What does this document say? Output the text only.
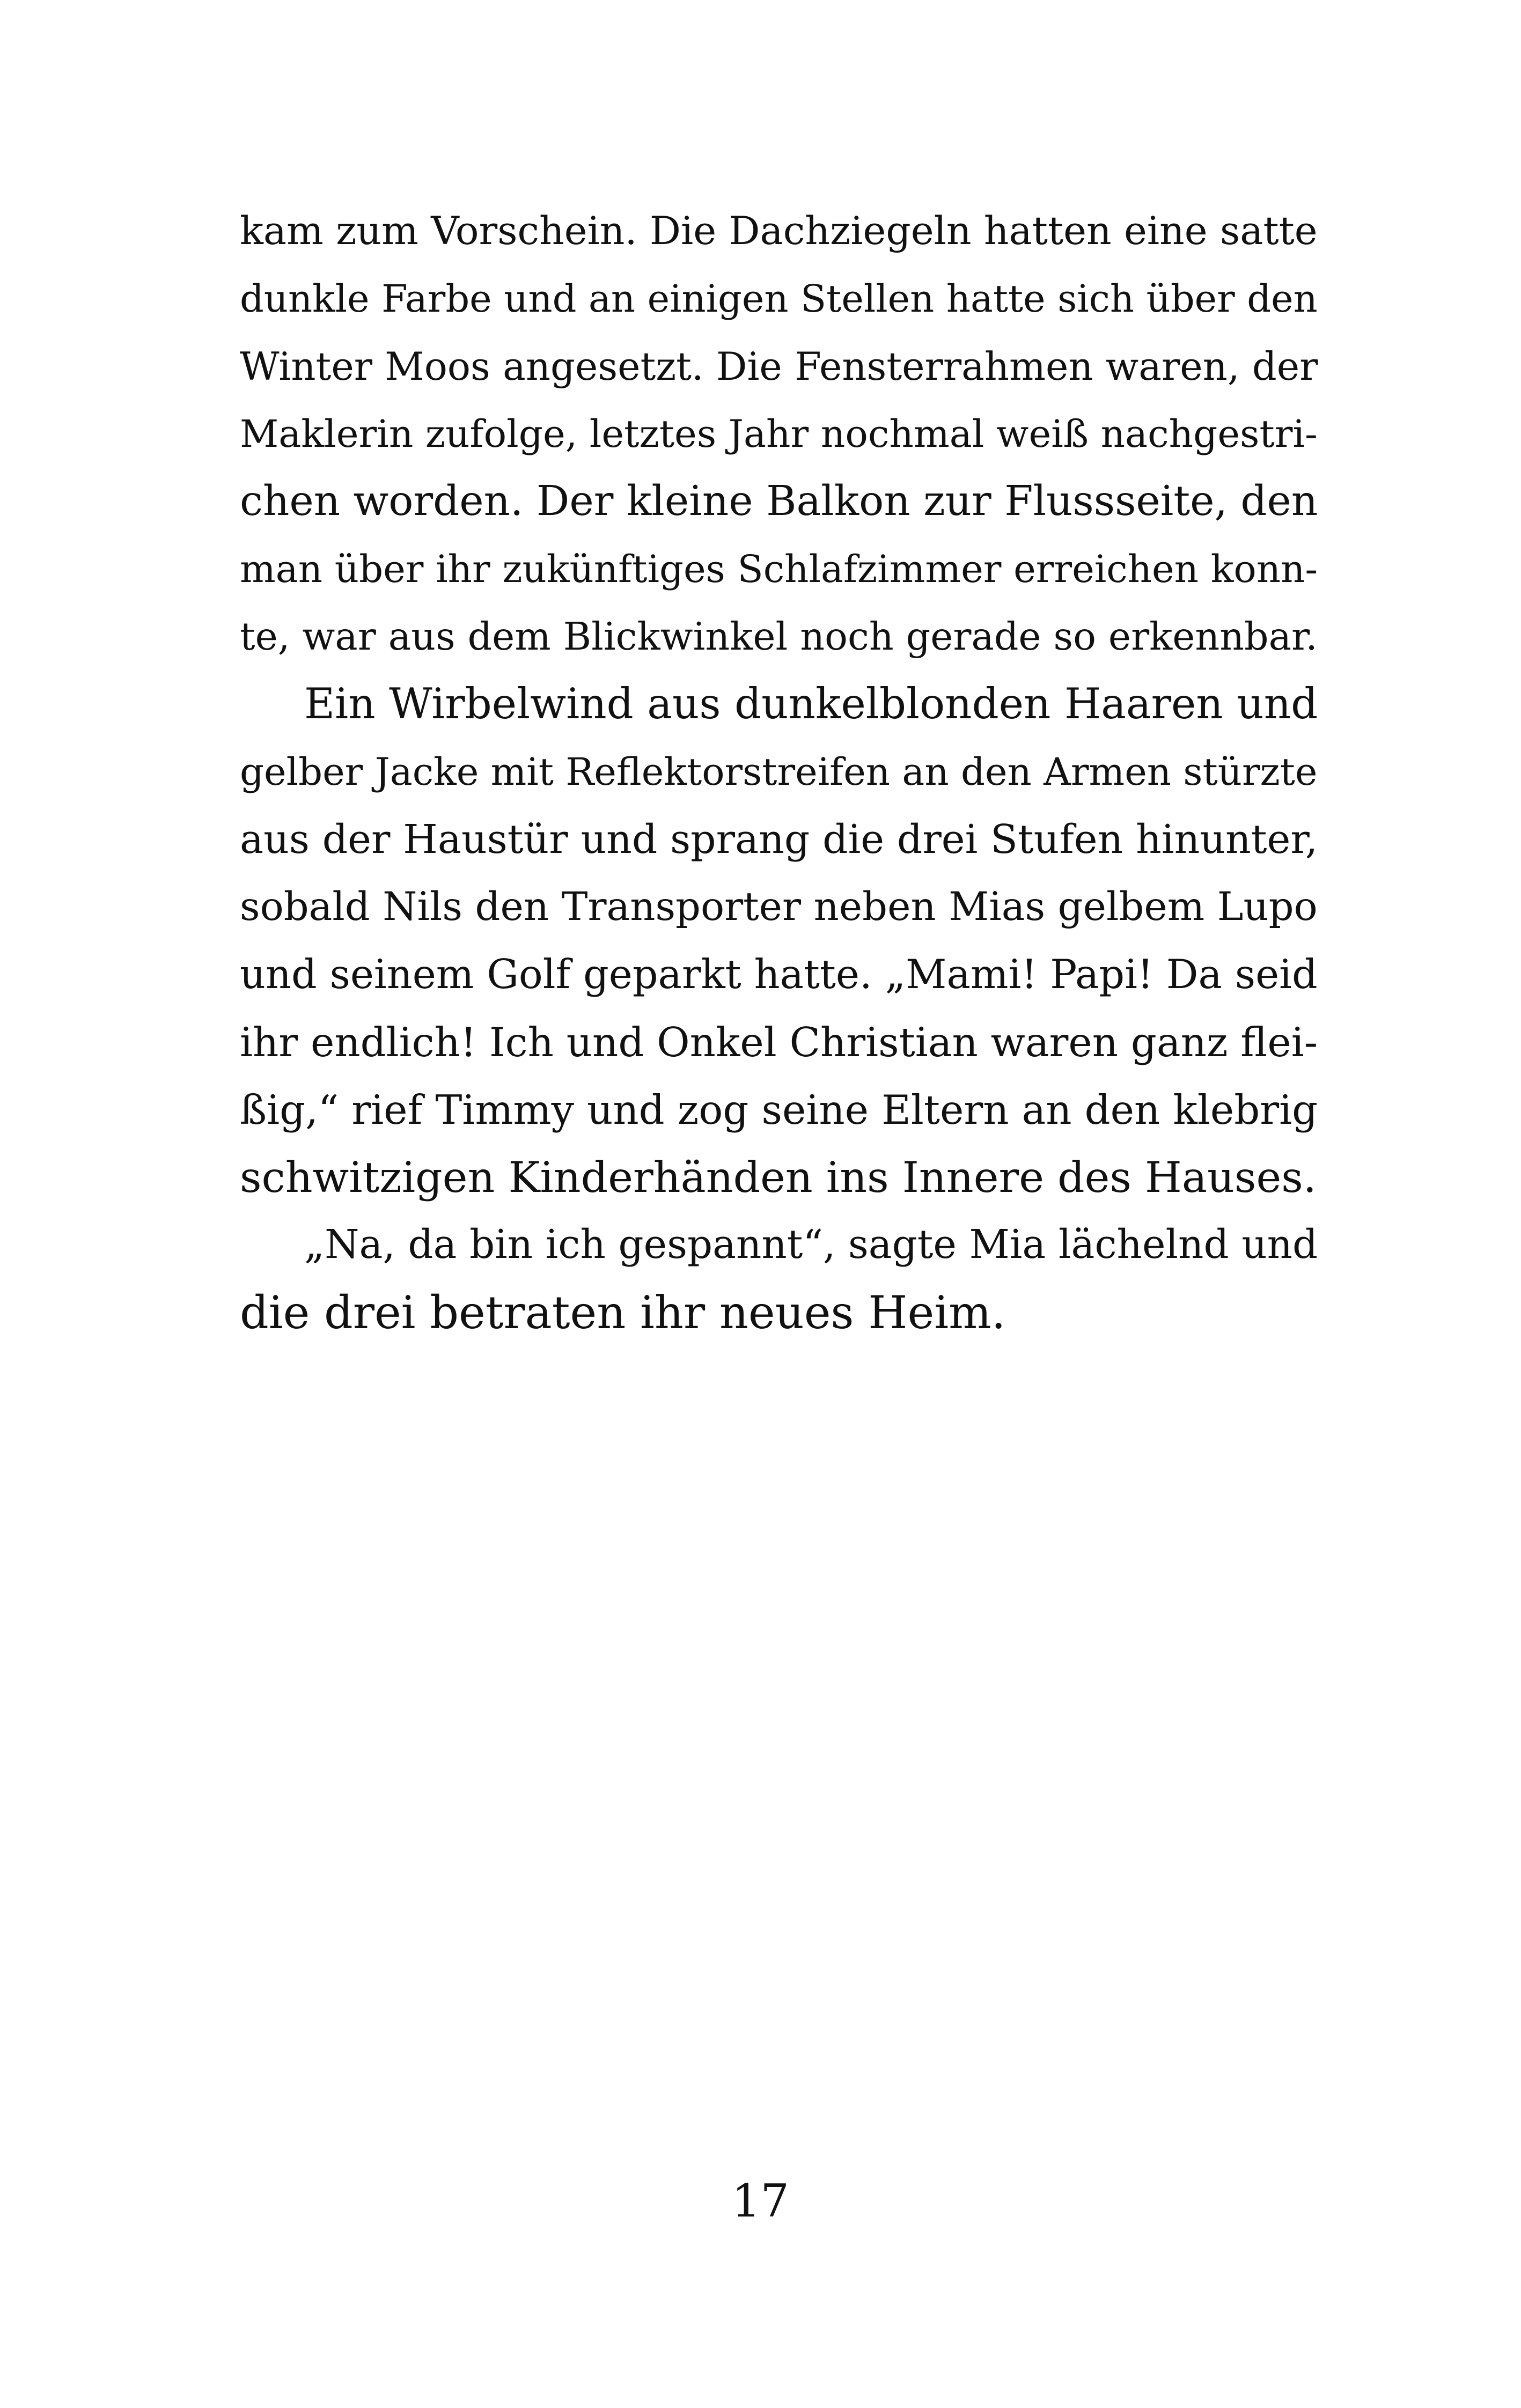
kam zum Vorschein. Die Dachziegeln hatten eine satte
dunkle Farbe und an einigen Stellen hatte sich über den
Winter Moos angesetzt. Die Fensterrahmen waren, der
Maklerin zufolge, letztes Jahr nochmal weiß nachgestri-
chen worden. Der kleine Balkon zur Flussseite, den
man über ihr zukünftiges Schlafzimmer erreichen konn-
te, war aus dem Blickwinkel noch gerade so erkennbar.
Ein Wirbelwind aus dunkelblonden Haaren und
gelber Jacke mit Reflektorstreifen an den Armen stürzte
aus der Haustür und sprang die drei Stufen hinunter,
sobald Nils den Transporter neben Mias gelbem Lupo
und seinem Golf geparkt hatte. „Mami! Papi! Da seid
ihr endlich! Ich und Onkel Christian waren ganz flei-
ßig,“ rief Timmy und zog seine Eltern an den klebrig
schwitzigen Kinderhänden ins Innere des Hauses.
„Na, da bin ich gespannt“, sagte Mia lächelnd und
die drei betraten ihr neues Heim.
17
